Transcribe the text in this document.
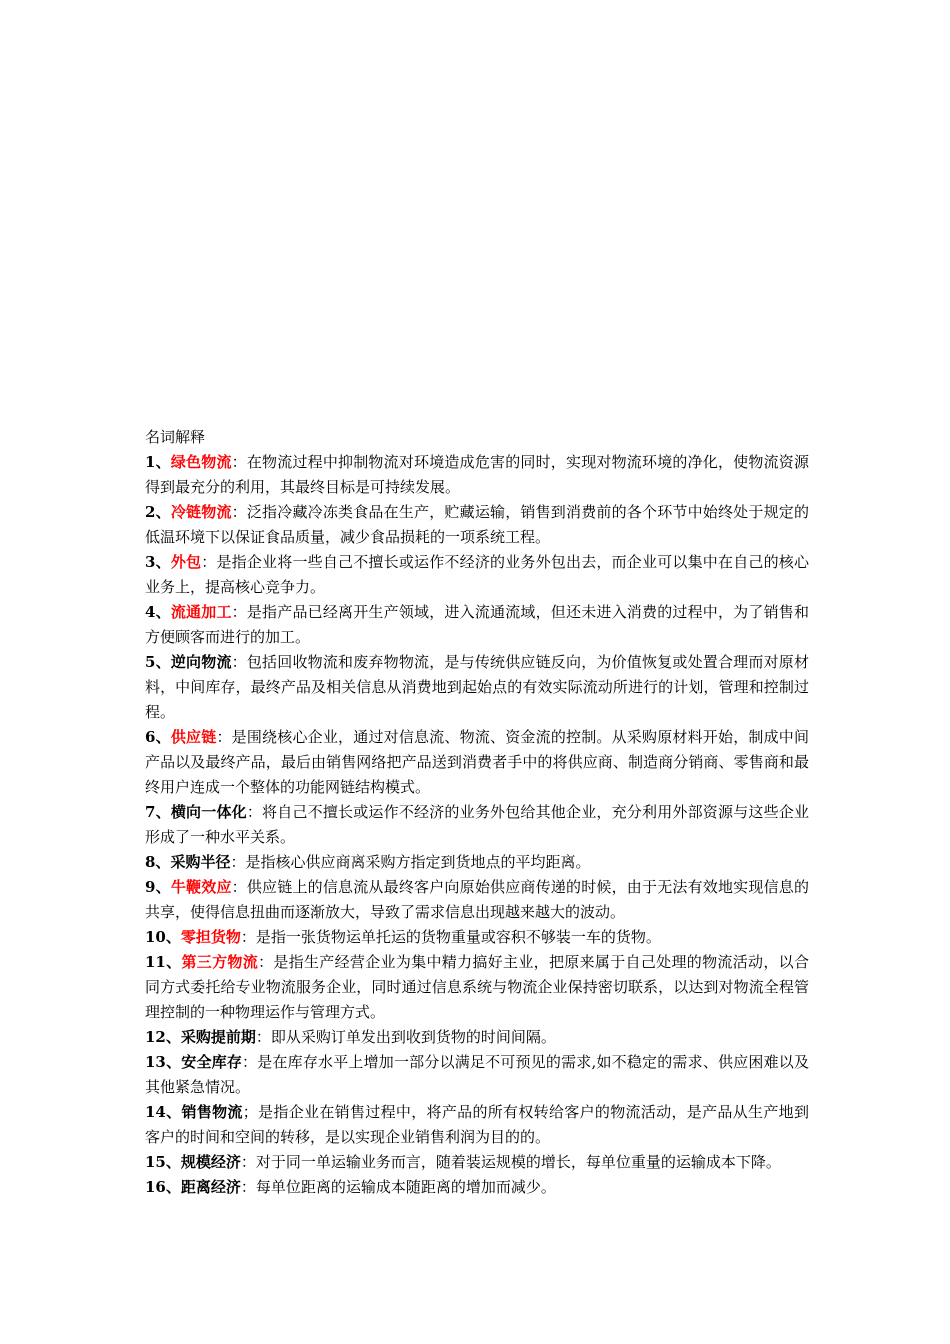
名词解释
1、绿色物流：在物流过程中抑制物流对环境造成危害的同时，实现对物流环境的净化，使物流资源得到最充分的利用，其最终目标是可持续发展。
2、冷链物流：泛指冷藏冷冻类食品在生产，贮藏运输，销售到消费前的各个环节中始终处于规定的低温环境下以保证食品质量，减少食品损耗的一项系统工程。
3、外包：是指企业将一些自己不擅长或运作不经济的业务外包出去，而企业可以集中在自己的核心业务上，提高核心竞争力。
4、流通加工：是指产品已经离开生产领域，进入流通流域，但还未进入消费的过程中，为了销售和方便顾客而进行的加工。
5、逆向物流：包括回收物流和废弃物物流，是与传统供应链反向，为价值恢复或处置合理而对原材料，中间库存，最终产品及相关信息从消费地到起始点的有效实际流动所进行的计划，管理和控制过程。
6、供应链：是围绕核心企业，通过对信息流、物流、资金流的控制。从采购原材料开始，制成中间产品以及最终产品，最后由销售网络把产品送到消费者手中的将供应商、制造商分销商、零售商和最终用户连成一个整体的功能网链结构模式。
7、横向一体化：将自己不擅长或运作不经济的业务外包给其他企业，充分利用外部资源与这些企业形成了一种水平关系。
8、采购半径：是指核心供应商离采购方指定到货地点的平均距离。
9、牛鞭效应：供应链上的信息流从最终客户向原始供应商传递的时候，由于无法有效地实现信息的共享，使得信息扭曲而逐渐放大，导致了需求信息出现越来越大的波动。
10、零担货物：是指一张货物运单托运的货物重量或容积不够装一车的货物。
11、第三方物流：是指生产经营企业为集中精力搞好主业，把原来属于自己处理的物流活动，以合同方式委托给专业物流服务企业，同时通过信息系统与物流企业保持密切联系，以达到对物流全程管理控制的一种物理运作与管理方式。
12、采购提前期：即从采购订单发出到收到货物的时间间隔。
13、安全库存：是在库存水平上增加一部分以满足不可预见的需求,如不稳定的需求、供应困难以及其他紧急情况。
14、销售物流；是指企业在销售过程中，将产品的所有权转给客户的物流活动，是产品从生产地到客户的时间和空间的转移，是以实现企业销售利润为目的的。
15、规模经济：对于同一单运输业务而言，随着装运规模的增长，每单位重量的运输成本下降。
16、距离经济：每单位距离的运输成本随距离的增加而减少。
